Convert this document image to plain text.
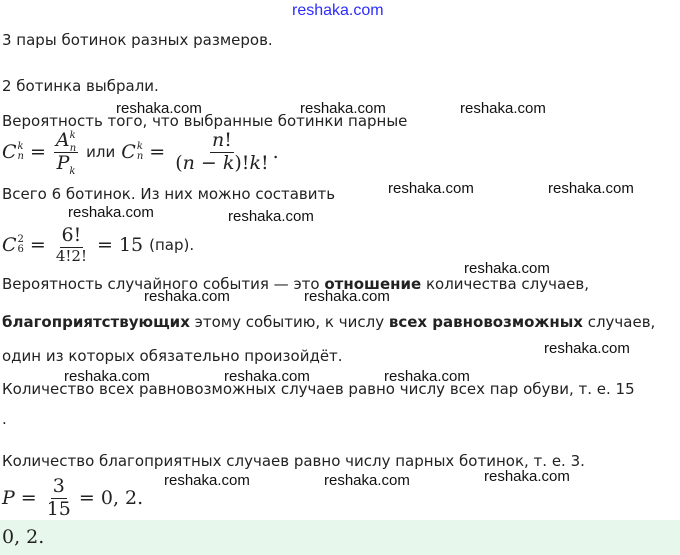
reshaka.com
3 пары ботинок разных размеров.
2 ботинка выбрали.
reshaka.com	reshaka.com	reshaka.com
Вероятность того, что выбранные ботинки парные
C k
$n = \frac{A^k_n}{P_k}$ или C k
$n = \frac{n!}{(n - k)!k!}$ .
reshaka.com	reshaka.com
Всего 6 ботинок. Из них можно составить
reshaka.com	reshaka.com
C 2
$6 = \frac{6!}{4!2!} = 15$ (пар).
reshaka.com
Вероятность случайного события — это отношение количества случаев,
reshaka.com	reshaka.com
благоприятствующих этому событию, к числу всех равновозможных случаев,
reshaka.com
один из которых обязательно произойдёт.
reshaka.com	reshaka.com	reshaka.com
Количество всех равновозможных случаев равно числу всех пар обуви, т. е. 15
.
Количество благоприятных случаев равно числу парных ботинок, т. е. 3.
reshaka.com
reshaka.com	reshaka.com
$P = \frac{3}{15} = 0$, 2.
0, 2.
